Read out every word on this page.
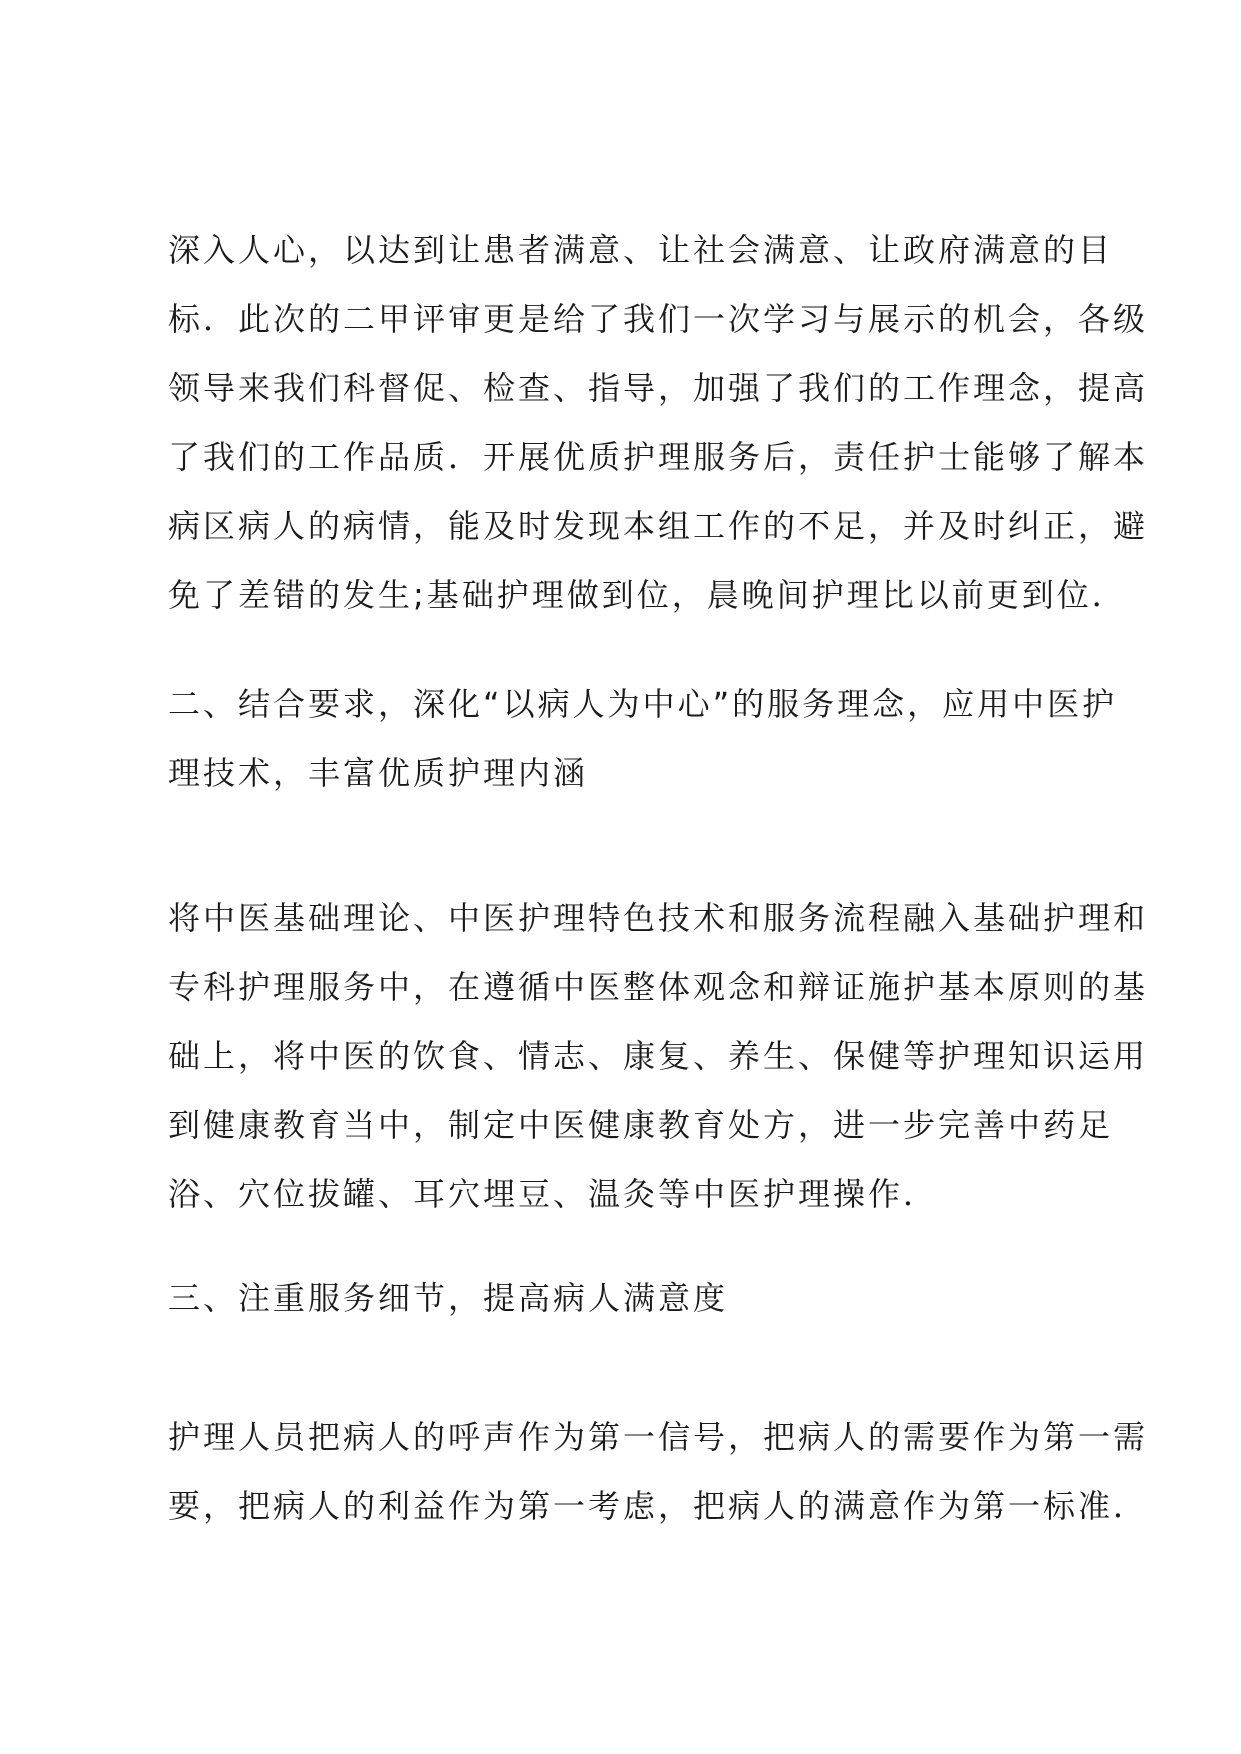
深入人心，以达到让患者满意、让社会满意、让政府满意的目
标．此次的二甲评审更是给了我们一次学习与展示的机会，各级
领导来我们科督促、检查、指导，加强了我们的工作理念，提高
了我们的工作品质．开展优质护理服务后，责任护士能够了解本
病区病人的病情，能及时发现本组工作的不足，并及时纠正，避
免了差错的发生;基础护理做到位，晨晚间护理比以前更到位．
二、结合要求，深化“以病人为中心”的服务理念，应用中医护
理技术，丰富优质护理内涵
将中医基础理论、中医护理特色技术和服务流程融入基础护理和
专科护理服务中，在遵循中医整体观念和辩证施护基本原则的基
础上，将中医的饮食、情志、康复、养生、保健等护理知识运用
到健康教育当中，制定中医健康教育处方，进一步完善中药足
浴、穴位拔罐、耳穴埋豆、温灸等中医护理操作．
三、注重服务细节，提高病人满意度
护理人员把病人的呼声作为第一信号，把病人的需要作为第一需
要，把病人的利益作为第一考虑，把病人的满意作为第一标准．
